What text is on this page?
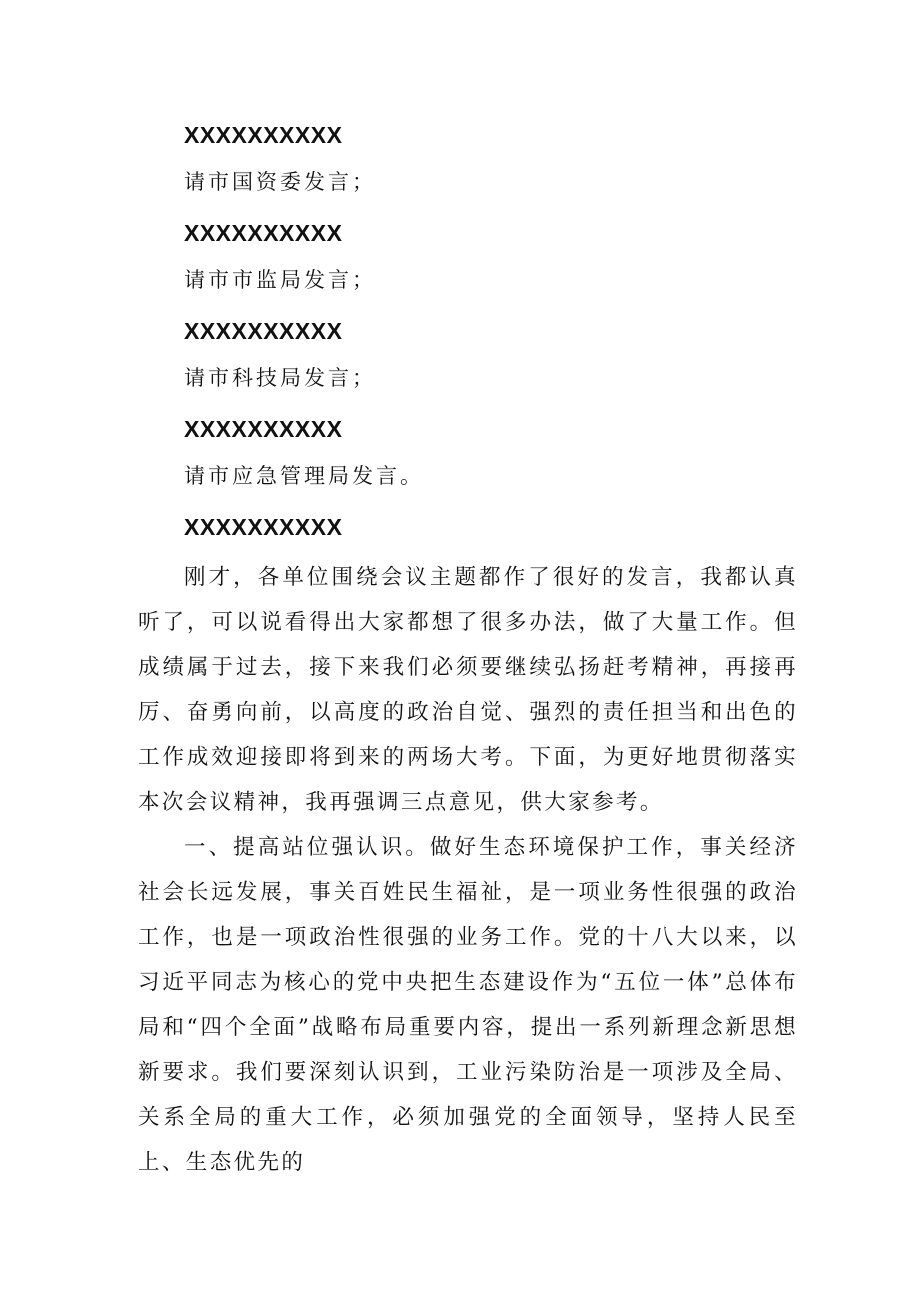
XXXXXXXXXX
请市国资委发言；
XXXXXXXXXX
请市市监局发言；
XXXXXXXXXX
请市科技局发言；
XXXXXXXXXX
请市应急管理局发言。
XXXXXXXXXX

刚才，各单位围绕会议主题都作了很好的发言，我都认真听了，可以说看得出大家都想了很多办法，做了大量工作。但成绩属于过去，接下来我们必须要继续弘扬赶考精神，再接再厉、奋勇向前，以高度的政治自觉、强烈的责任担当和出色的工作成效迎接即将到来的两场大考。下面，为更好地贯彻落实本次会议精神，我再强调三点意见，供大家参考。

一、提高站位强认识。做好生态环境保护工作，事关经济社会长远发展，事关百姓民生福祉，是一项业务性很强的政治工作，也是一项政治性很强的业务工作。党的十八大以来，以习近平同志为核心的党中央把生态建设作为“五位一体”总体布局和“四个全面”战略布局重要内容，提出一系列新理念新思想新要求。我们要深刻认识到，工业污染防治是一项涉及全局、关系全局的重大工作，必须加强党的全面领导，坚持人民至上、生态优先的
